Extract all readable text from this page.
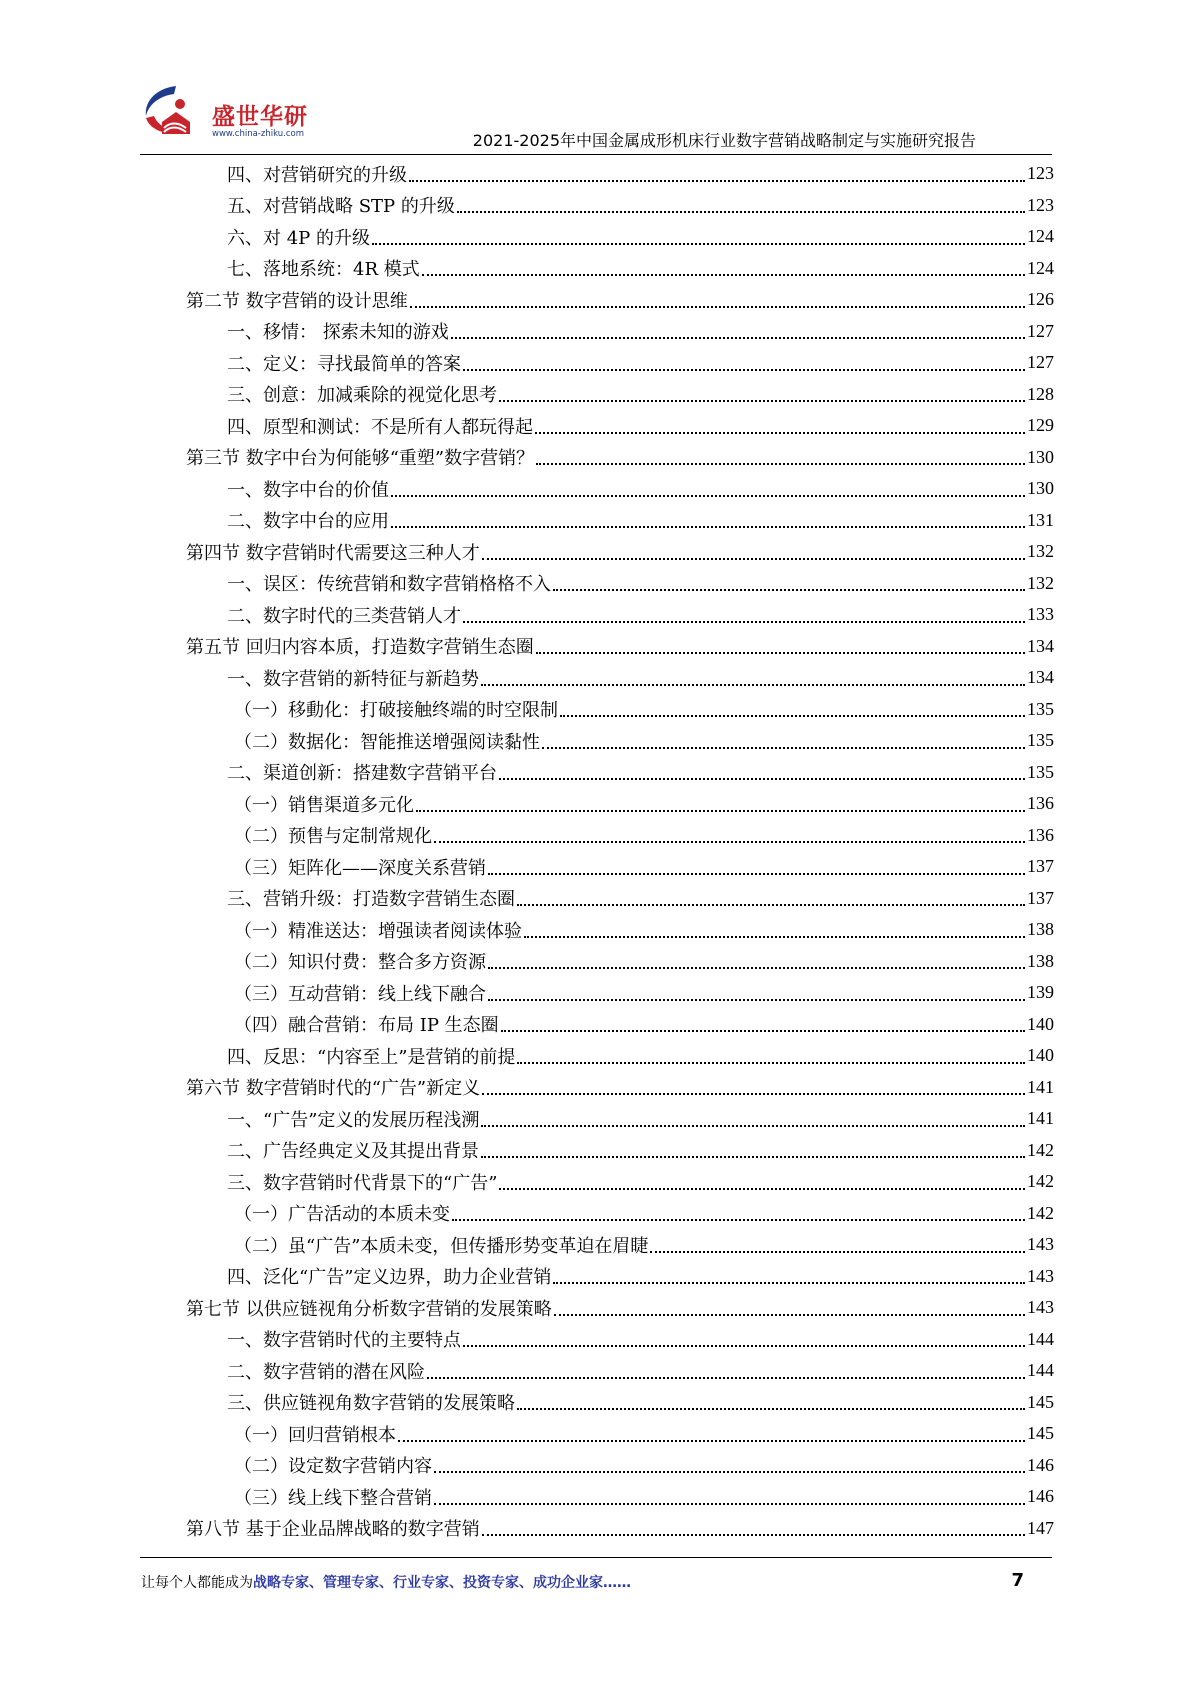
盛世华研
www.china-zhiku.com	2021-2025年中国金属成形机床行业数字营销战略制定与实施研究报告
四、对营销研究的升级	123
五、对营销战略 STP 的升级	123
六、对 4P 的升级	124
七、落地系统：4R 模式	124
第二节 数字营销的设计思维	126
一、移情： 探索未知的游戏	127
二、定义：寻找最简单的答案	127
三、创意：加减乘除的视觉化思考	128
四、原型和测试：不是所有人都玩得起	129
第三节 数字中台为何能够“重塑”数字营销？	130
一、数字中台的价值	130
二、数字中台的应用	131
第四节 数字营销时代需要这三种人才	132
一、误区：传统营销和数字营销格格不入	132
二、数字时代的三类营销人才	133
第五节 回归内容本质，打造数字营销生态圈	134
一、数字营销的新特征与新趋势	134
（一）移動化：打破接触终端的时空限制	135
（二）数据化：智能推送增强阅读黏性	135
二、渠道创新：搭建数字营销平台	135
（一）销售渠道多元化	136
（二）预售与定制常规化	136
（三）矩阵化——深度关系营销	137
三、营销升级：打造数字营销生态圈	137
（一）精准送达：增强读者阅读体验	138
（二）知识付费：整合多方资源	138
（三）互动营销：线上线下融合	139
（四）融合营销：布局 IP 生态圈	140
四、反思：“内容至上”是营销的前提	140
第六节 数字营销时代的“广告”新定义	141
一、“广告”定义的发展历程浅溯	141
二、广告经典定义及其提出背景	142
三、数字营销时代背景下的“广告”	142
（一）广告活动的本质未变	142
（二）虽“广告”本质未变，但传播形势变革迫在眉睫	143
四、泛化“广告”定义边界，助力企业营销	143
第七节 以供应链视角分析数字营销的发展策略	143
一、数字营销时代的主要特点	144
二、数字营销的潜在风险	144
三、供应链视角数字营销的发展策略	145
（一）回归营销根本	145
（二）设定数字营销内容	146
（三）线上线下整合营销	146
第八节 基于企业品牌战略的数字营销	147
让每个人都能成为战略专家、管理专家、行业专家、投资专家、成功企业家……	7
